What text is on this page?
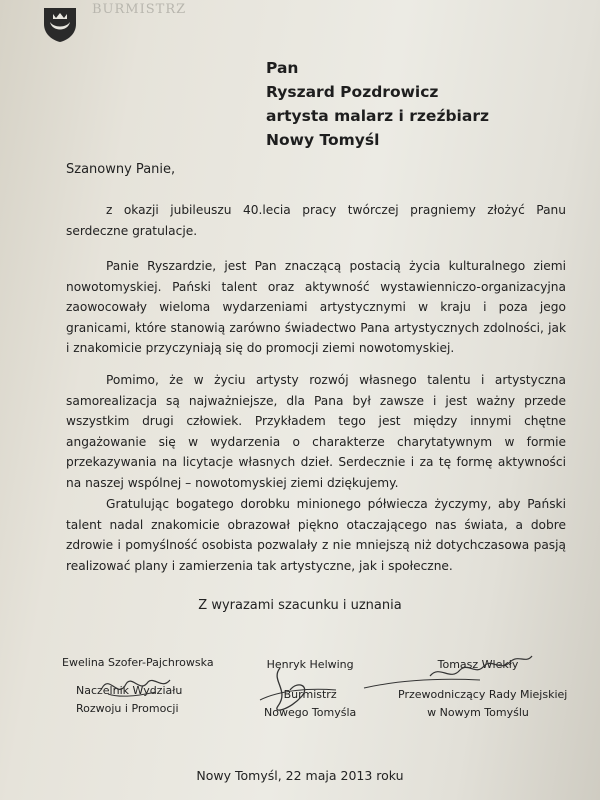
BURMISTRZ
Pan
Ryszard Pozdrowicz
artysta malarz i rzeźbiarz
Nowy Tomyśl
Szanowny Panie,

z okazji jubileuszu 40.lecia pracy twórczej pragniemy złożyć Panu serdeczne gratulacje.

Panie Ryszardzie, jest Pan znaczącą postacią życia kulturalnego ziemi nowotomyskiej. Pański talent oraz aktywność wystawienniczo-organizacyjna zaowocowały wieloma wydarzeniami artystycznymi w kraju i poza jego granicami, które stanowią zarówno świadectwo Pana artystycznych zdolności, jak i znakomicie przyczyniają się do promocji ziemi nowotomyskiej.

Pomimo, że w życiu artysty rozwój własnego talentu i artystyczna samorealizacja są najważniejsze, dla Pana był zawsze i jest ważny przede wszystkim drugi człowiek. Przykładem tego jest między innymi chętne angażowanie się w wydarzenia o charakterze charytatywnym w formie przekazywania na licytacje własnych dzieł. Serdecznie i za tę formę aktywności na naszej wspólnej – nowotomyskiej ziemi dziękujemy.

Gratulując bogatego dorobku minionego półwiecza życzymy, aby Pański talent nadal znakomicie obrazował piękno otaczającego nas świata, a dobre zdrowie i pomyślność osobista pozwalały z nie mniejszą niż dotychczasowa pasją realizować plany i zamierzenia tak artystyczne, jak i społeczne.

Z wyrazami szacunku i uznania
Ewelina Szofer-Pajchrowska
Naczelnik Wydziału
Rozwoju i Promocji
Henryk Helwing
Burmistrz
Nowego Tomyśla
Tomasz Wlekły
Przewodniczący Rady Miejskiej
w Nowym Tomyślu
Nowy Tomyśl, 22 maja 2013 roku
